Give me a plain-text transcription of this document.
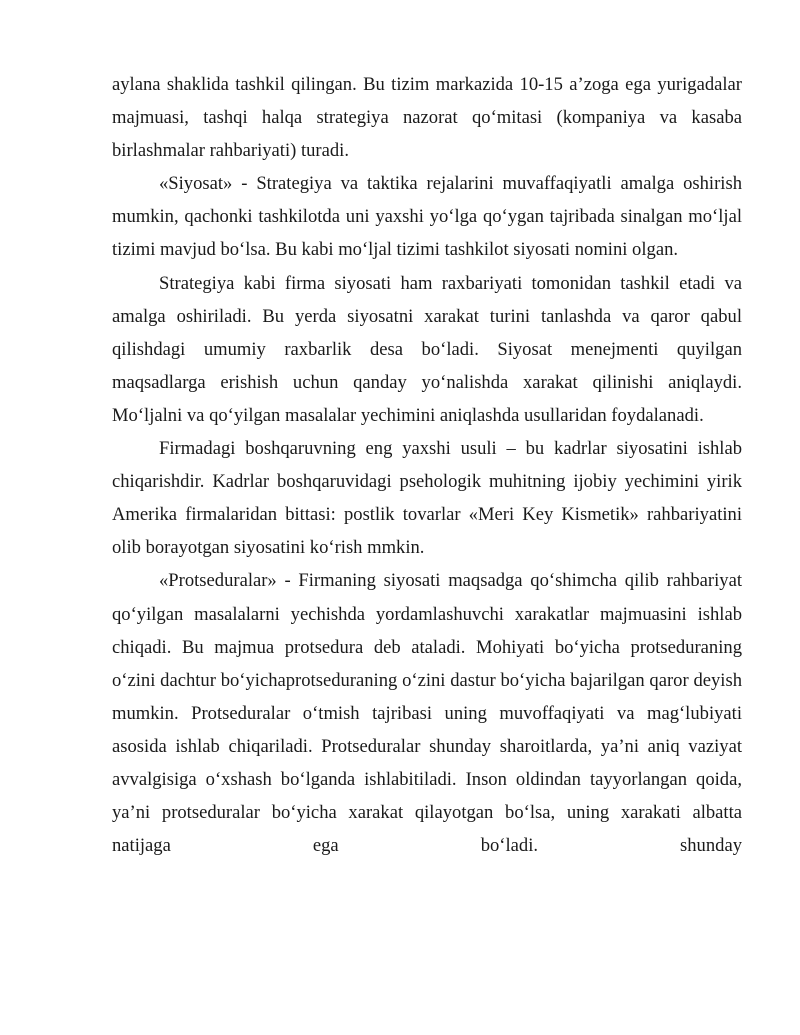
aylana shaklida tashkil qilingan. Bu tizim markazida 10-15 a’zoga ega yurigadalar majmuasi, tashqi halqa strategiya nazorat qo‘mitasi (kompaniya va kasaba birlashmalar rahbariyati) turadi.

«Siyosat» - Strategiya va taktika rejalarini muvaffaqiyatli amalga oshirish mumkin, qachonki tashkilotda uni yaxshi yo‘lga qo‘ygan tajribada sinalgan mo‘ljal tizimi mavjud bo‘lsa. Bu kabi mo‘ljal tizimi tashkilot siyosati nomini olgan.

Strategiya kabi firma siyosati ham raxbariyati tomonidan tashkil etadi va amalga oshiriladi. Bu yerda siyosatni xarakat turini tanlashda va qaror qabul qilishdagi umumiy raxbarlik desa bo‘ladi. Siyosat menejmenti quyilgan maqsadlarga erishish uchun qanday yo‘nalishda xarakat qilinishi aniqlaydi. Mo‘ljalni va qo‘yilgan masalalar yechimini aniqlashda usullaridan foydalanadi.

Firmadagi boshqaruvning eng yaxshi usuli – bu kadrlar siyosatini ishlab chiqarishdir. Kadrlar boshqaruvidagi psehologik muhitning ijobiy yechimini yirik Amerika firmalaridan bittasi: postlik tovarlar «Meri Key Kismetik» rahbariyatini olib borayotgan siyosatini ko‘rish mmkin.

«Protseduralar» - Firmaning siyosati maqsadga qo‘shimcha qilib rahbariyat qo‘yilgan masalalarni yechishda yordamlashuvchi xarakatlar majmuasini ishlab chiqadi. Bu majmua protsedura deb ataladi. Mohiyati bo‘yicha protseduraning o‘zini dachtur bo‘yichaprotseduraning o‘zini dastur bo‘yicha bajarilgan qaror deyish mumkin. Protseduralar o‘tmish tajribasi uning muvoffaqiyati va mag‘lubiyati asosida ishlab chiqariladi. Protseduralar shunday sharoitlarda, ya’ni aniq vaziyat avvalgisiga o‘xshash bo‘lganda ishlabitiladi. Inson oldindan tayyorlangan qoida, ya’ni protseduralar bo‘yicha xarakat qilayotgan bo‘lsa, uning xarakati albatta natijaga ega bo‘ladi. shunday
